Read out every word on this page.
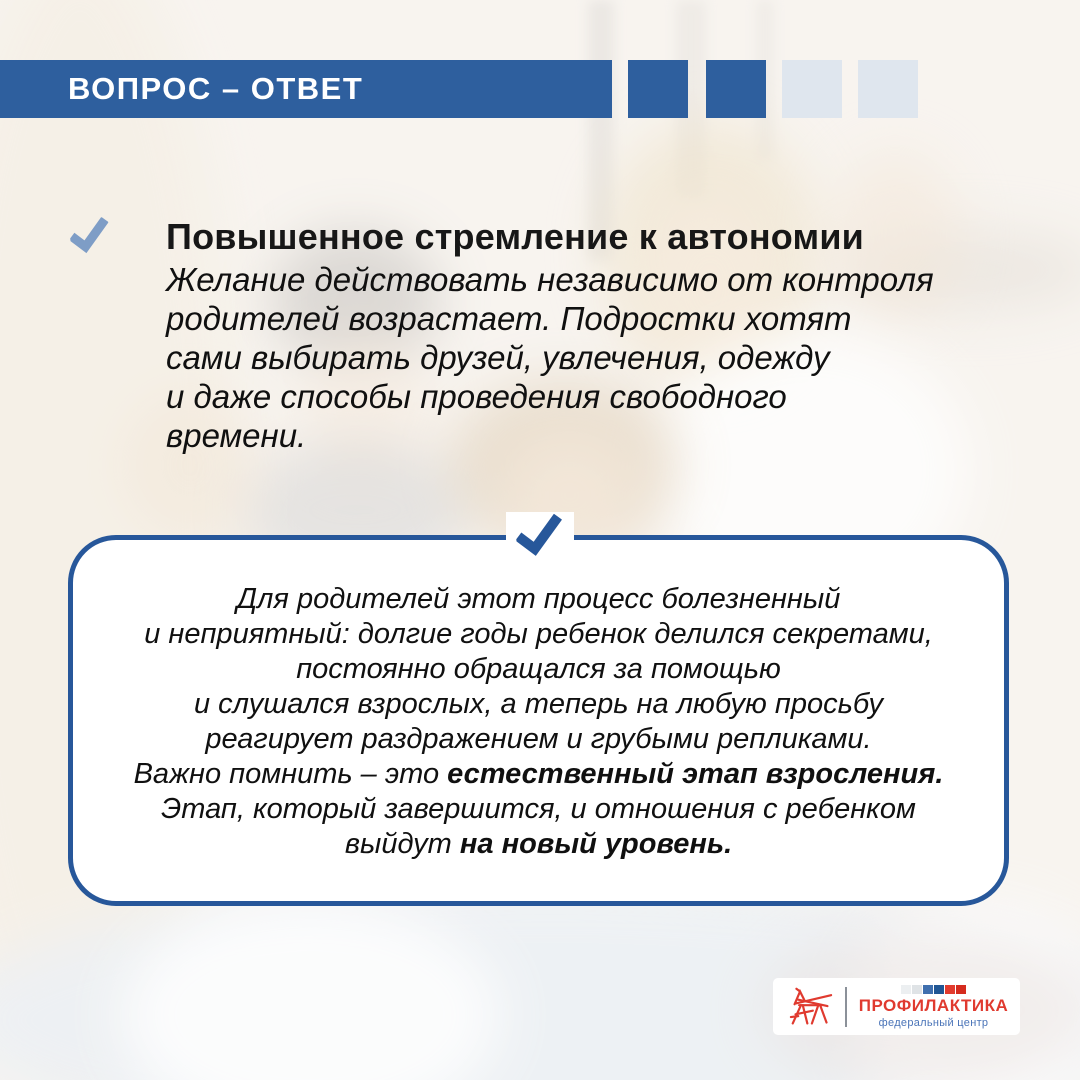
ВОПРОС – ОТВЕТ
Повышенное стремление к автономии
Желание действовать независимо от контроля
родителей возрастает. Подростки хотят
сами выбирать друзей, увлечения, одежду
и даже способы проведения свободного
времени.
Для родителей этот процесс болезненный
и неприятный: долгие годы ребенок делился секретами,
постоянно обращался за помощью
и слушался взрослых, а теперь на любую просьбу
реагирует раздражением и грубыми репликами.
Важно помнить – это естественный этап взросления.
Этап, который завершится, и отношения с ребенком
выйдут на новый уровень.
ПРОФИЛАКТИКА
федеральный центр
